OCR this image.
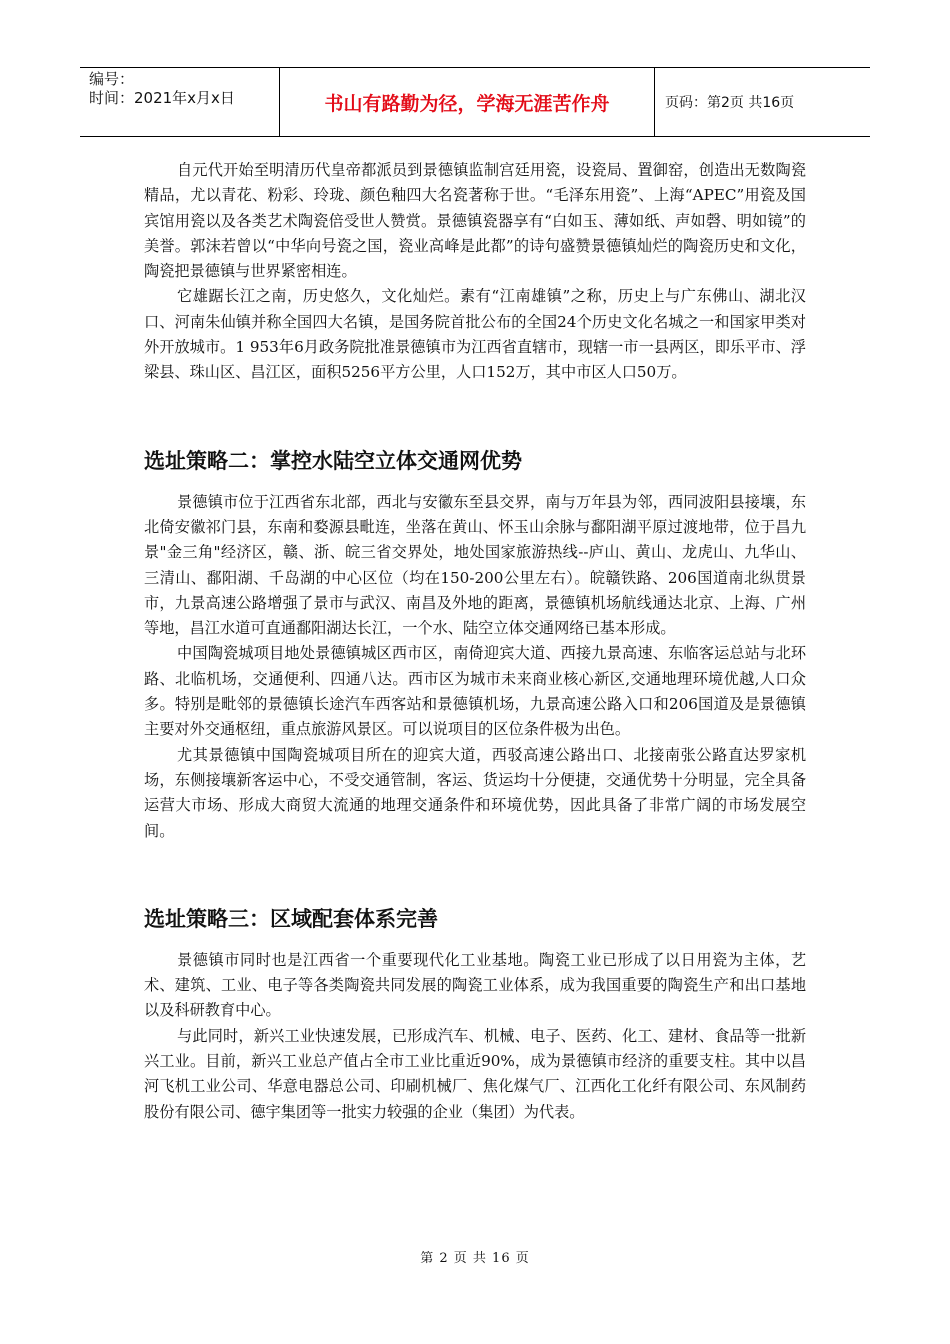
编号：
时间：2021年x月x日	书山有路勤为径，学海无涯苦作舟	页码：第2页 共16页

自元代开始至明清历代皇帝都派员到景德镇监制宫廷用瓷，设瓷局、置御窑，创造出无数陶瓷精品，尤以青花、粉彩、玲珑、颜色釉四大名瓷著称于世。“毛泽东用瓷”、上海“APEC”用瓷及国宾馆用瓷以及各类艺术陶瓷倍受世人赞赏。景德镇瓷器享有“白如玉、薄如纸、声如磬、明如镜”的美誉。郭沫若曾以“中华向号瓷之国，瓷业高峰是此都”的诗句盛赞景德镇灿烂的陶瓷历史和文化，陶瓷把景德镇与世界紧密相连。

它雄踞长江之南，历史悠久，文化灿烂。素有“江南雄镇”之称，历史上与广东佛山、湖北汉口、河南朱仙镇并称全国四大名镇，是国务院首批公布的全国24个历史文化名城之一和国家甲类对外开放城市。1 953年6月政务院批准景德镇市为江西省直辖市，现辖一市一县两区，即乐平市、浮梁县、珠山区、昌江区，面积5256平方公里，人口152万，其中市区人口50万。

选址策略二：掌控水陆空立体交通网优势

景德镇市位于江西省东北部，西北与安徽东至县交界，南与万年县为邻，西同波阳县接壤，东北倚安徽祁门县，东南和婺源县毗连，坐落在黄山、怀玉山余脉与鄱阳湖平原过渡地带，位于昌九景"金三角"经济区，赣、浙、皖三省交界处，地处国家旅游热线--庐山、黄山、龙虎山、九华山、三清山、鄱阳湖、千岛湖的中心区位（均在150-200公里左右）。皖赣铁路、206国道南北纵贯景市，九景高速公路增强了景市与武汉、南昌及外地的距离，景德镇机场航线通达北京、上海、广州等地，昌江水道可直通鄱阳湖达长江，一个水、陆空立体交通网络已基本形成。

中国陶瓷城项目地处景德镇城区西市区，南倚迎宾大道、西接九景高速、东临客运总站与北环路、北临机场，交通便利、四通八达。西市区为城市未来商业核心新区,交通地理环境优越,人口众多。特别是毗邻的景德镇长途汽车西客站和景德镇机场，九景高速公路入口和206国道及是景德镇主要对外交通枢纽，重点旅游风景区。可以说项目的区位条件极为出色。

尤其景德镇中国陶瓷城项目所在的迎宾大道，西驳高速公路出口、北接南张公路直达罗家机场，东侧接壤新客运中心，不受交通管制，客运、货运均十分便捷，交通优势十分明显，完全具备运营大市场、形成大商贸大流通的地理交通条件和环境优势，因此具备了非常广阔的市场发展空间。

选址策略三：区域配套体系完善

景德镇市同时也是江西省一个重要现代化工业基地。陶瓷工业已形成了以日用瓷为主体，艺术、建筑、工业、电子等各类陶瓷共同发展的陶瓷工业体系，成为我国重要的陶瓷生产和出口基地以及科研教育中心。

与此同时，新兴工业快速发展，已形成汽车、机械、电子、医药、化工、建材、食品等一批新兴工业。目前，新兴工业总产值占全市工业比重近90%，成为景德镇市经济的重要支柱。其中以昌河飞机工业公司、华意电器总公司、印刷机械厂、焦化煤气厂、江西化工化纤有限公司、东风制药股份有限公司、德宇集团等一批实力较强的企业（集团）为代表。

第 2 页 共 16 页
